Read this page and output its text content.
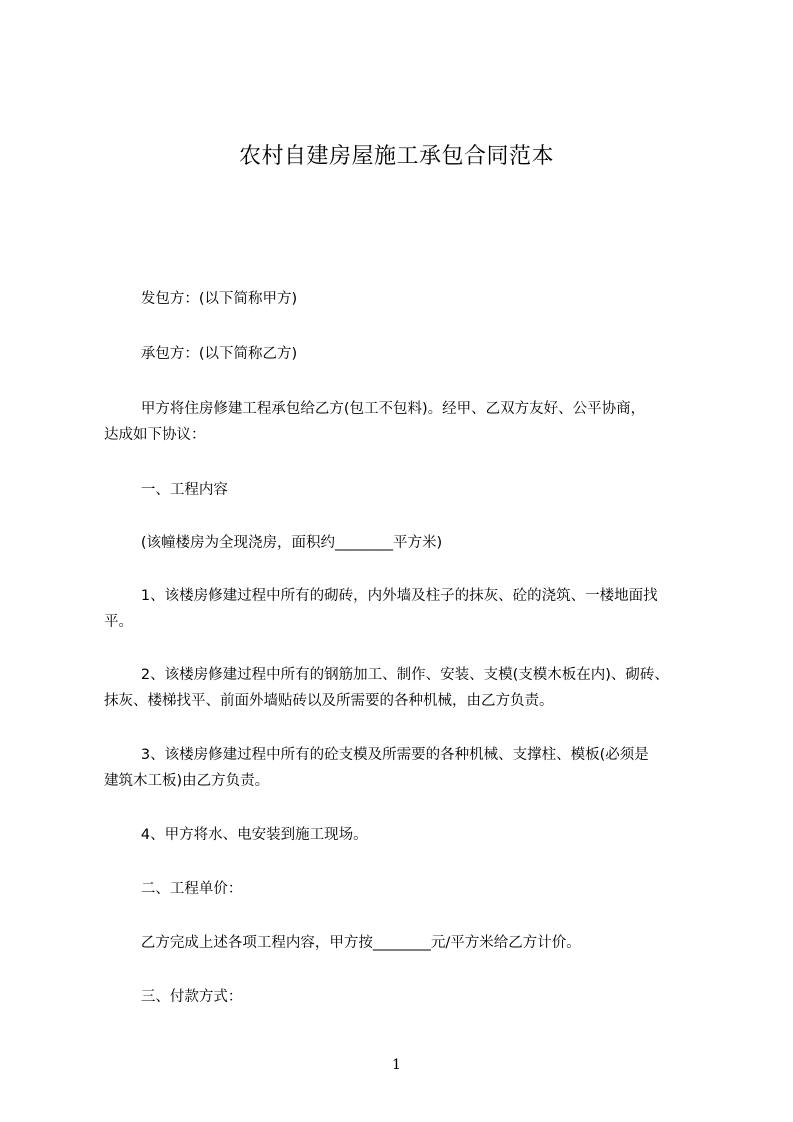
农村自建房屋施工承包合同范本

发包方：(以下简称甲方)

承包方：(以下简称乙方)

甲方将住房修建工程承包给乙方(包工不包料)。经甲、乙双方友好、公平协商，
达成如下协议：

一、工程内容

(该幢楼房为全现浇房，面积约________平方米)

1、该楼房修建过程中所有的砌砖，内外墙及柱子的抹灰、砼的浇筑、一楼地面找
平。

2、该楼房修建过程中所有的钢筋加工、制作、安装、支模(支模木板在内)、砌砖、
抹灰、楼梯找平、前面外墙贴砖以及所需要的各种机械，由乙方负责。

3、该楼房修建过程中所有的砼支模及所需要的各种机械、支撑柱、模板(必须是
建筑木工板)由乙方负责。

4、甲方将水、电安装到施工现场。

二、工程单价：

乙方完成上述各项工程内容，甲方按________元/平方米给乙方计价。

三、付款方式：

1
